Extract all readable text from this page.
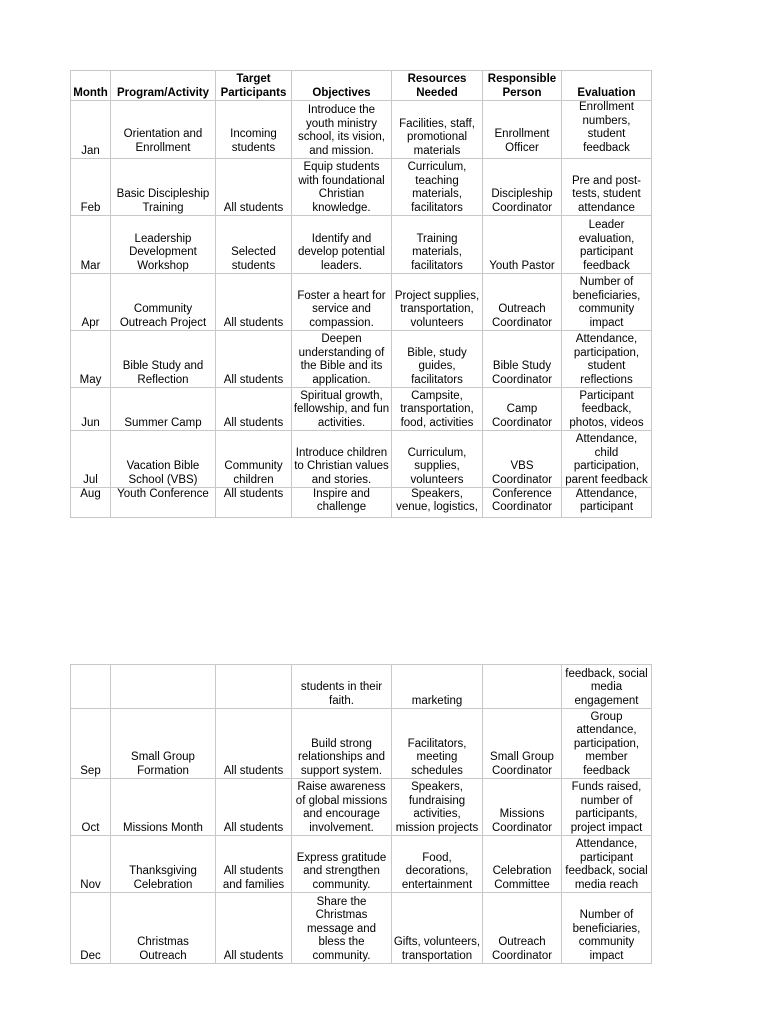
Month	Program/Activity	Target Participants	Objectives	Resources Needed	Responsible Person	Evaluation
Jan	Orientation and Enrollment	Incoming students	Introduce the youth ministry school, its vision, and mission.	Facilities, staff, promotional materials	Enrollment Officer	Enrollment numbers, student feedback

Feb	Basic Discipleship Training	All students	Equip students with foundational Christian knowledge.	Curriculum, teaching materials, facilitators	Discipleship Coordinator	Pre and post-tests, student attendance
Mar	Leadership Development Workshop	Selected students	Identify and develop potential leaders.	Training materials, facilitators	Youth Pastor	Leader evaluation, participant feedback
Apr	Community Outreach Project	All students	Foster a heart for service and compassion.	Project supplies, transportation, volunteers	Outreach Coordinator	Number of beneficiaries, community impact
May	Bible Study and Reflection	All students	Deepen understanding of the Bible and its application.	Bible, study guides, facilitators	Bible Study Coordinator	Attendance, participation, student reflections
Jun	Summer Camp	All students	Spiritual growth, fellowship, and fun activities.	Campsite, transportation, food, activities	Camp Coordinator	Participant feedback, photos, videos
Jul	Vacation Bible School (VBS)	Community children	Introduce children to Christian values and stories.	Curriculum, supplies, volunteers	VBS Coordinator	Attendance, child participation, parent feedback
Aug	Youth Conference	All students	Inspire and challenge	Speakers, venue, logistics,	Conference Coordinator	Attendance, participant
			students in their faith.	marketing		feedback, social media engagement
Sep	Small Group Formation	All students	Build strong relationships and support system.	Facilitators, meeting schedules	Small Group Coordinator	Group attendance, participation, member feedback
Oct	Missions Month	All students	Raise awareness of global missions and encourage involvement.	Speakers, fundraising activities, mission projects	Missions Coordinator	Funds raised, number of participants, project impact
Nov	Thanksgiving Celebration	All students and families	Express gratitude and strengthen community.	Food, decorations, entertainment	Celebration Committee	Attendance, participant feedback, social media reach
Dec	Christmas Outreach	All students	Share the Christmas message and bless the community.	Gifts, volunteers, transportation	Outreach Coordinator	Number of beneficiaries, community impact
